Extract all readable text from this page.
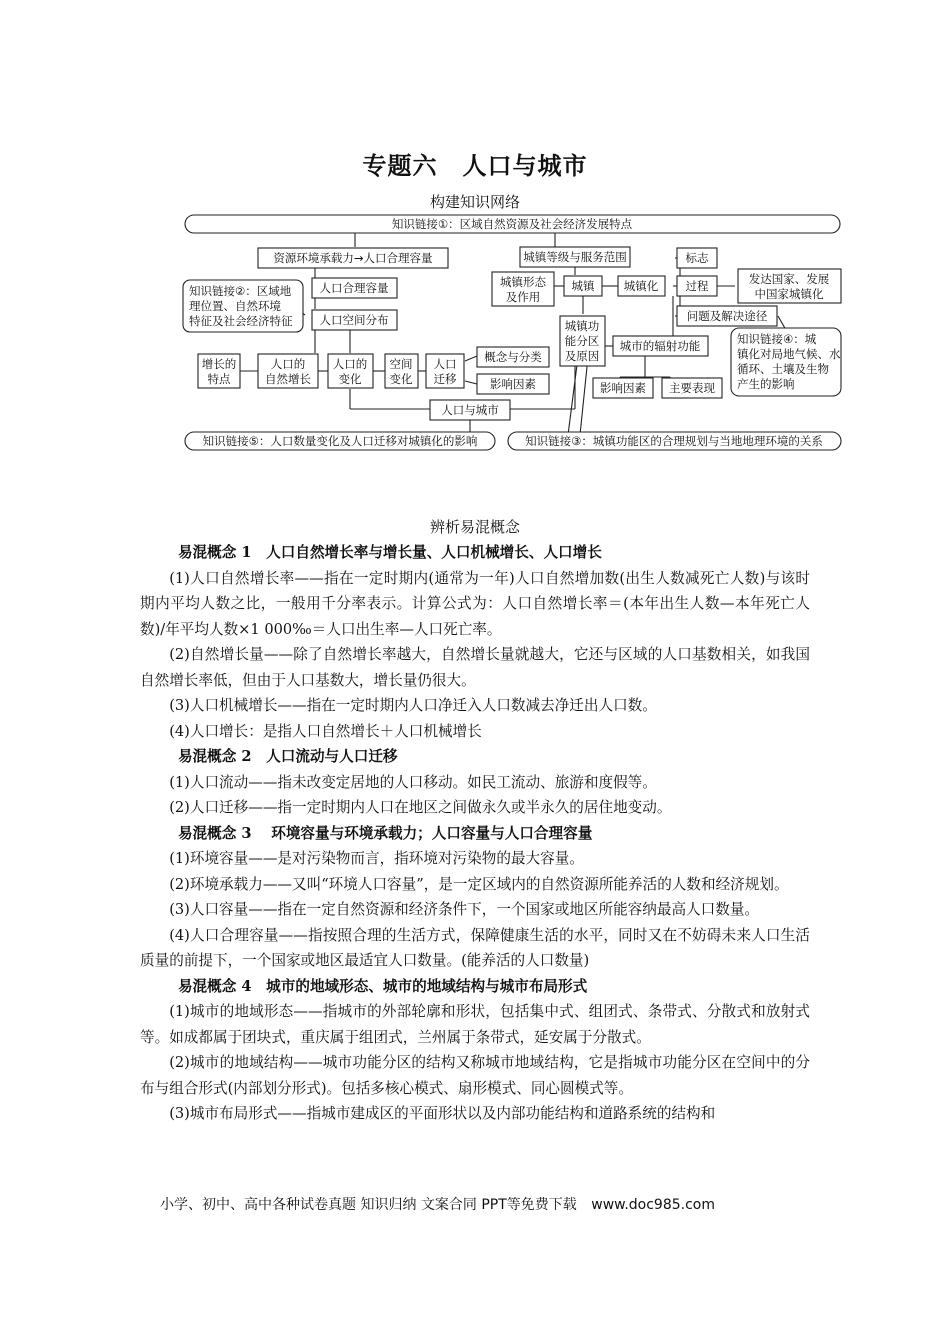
专题六　人口与城市
构建知识网络
知识链接①：区域自然资源及社会经济发展特点
资源环境承载力→人口合理容量
人口合理容量
知识链接②：区域地
理位置、自然环境
特征及社会经济特征 人口空间分布
增长的
特点
人口的
自然增长
人口的
变化
空间
变化
人口
迁移
概念与分类
影响因素
人口与城市
知识链接⑤：人口数量变化及人口迁移对城镇化的影响
城镇等级与服务范围
城镇形态
及作用
城镇	城镇化
标志
过程
问题及解决途径
发达国家、发展
中国家城镇化
城镇功
能分区
及原因
城市的辐射功能
影响因素 主要表现
知识链接④：城
镇化对局地气候、水
循环、土壤及生物
产生的影响
知识链接③：城镇功能区的合理规划与当地地理环境的关系
辨析易混概念

易混概念 1　人口自然增长率与增长量、人口机械增长、人口增长

(1)人口自然增长率——指在一定时期内(通常为一年)人口自然增加数(出生人数减死亡人数)与该时期内平均人数之比，一般用千分率表示。计算公式为：人口自然增长率＝(本年出生人数—本年死亡人数)/年平均人数×1 000‰＝人口出生率—人口死亡率。

(2)自然增长量——除了自然增长率越大，自然增长量就越大，它还与区域的人口基数相关，如我国自然增长率低，但由于人口基数大，增长量仍很大。

(3)人口机械增长——指在一定时期内人口净迁入人口数减去净迁出人口数。

(4)人口增长：是指人口自然增长＋人口机械增长

易混概念 2　人口流动与人口迁移

(1)人口流动——指未改变定居地的人口移动。如民工流动、旅游和度假等。

(2)人口迁移——指一定时期内人口在地区之间做永久或半永久的居住地变动。

易混概念 3　 环境容量与环境承载力；人口容量与人口合理容量

(1)环境容量——是对污染物而言，指环境对污染物的最大容量。

(2)环境承载力——又叫“环境人口容量”，是一定区域内的自然资源所能养活的人数和经济规划。

(3)人口容量——指在一定自然资源和经济条件下，一个国家或地区所能容纳最高人口数量。

(4)人口合理容量——指按照合理的生活方式，保障健康生活的水平，同时又在不妨碍未来人口生活质量的前提下，一个国家或地区最适宜人口数量。(能养活的人口数量)

易混概念 4　城市的地域形态、城市的地域结构与城市布局形式

(1)城市的地域形态——指城市的外部轮廓和形状，包括集中式、组团式、条带式、分散式和放射式等。如成都属于团块式，重庆属于组团式，兰州属于条带式，延安属于分散式。

(2)城市的地域结构——城市功能分区的结构又称城市地域结构，它是指城市功能分区在空间中的分布与组合形式(内部划分形式)。包括多核心模式、扇形模式、同心圆模式等。

(3)城市布局形式——指城市建成区的平面形状以及内部功能结构和道路系统的结构和

小学、初中、高中各种试卷真题 知识归纳 文案合同 PPT等免费下载 www.doc985.com
